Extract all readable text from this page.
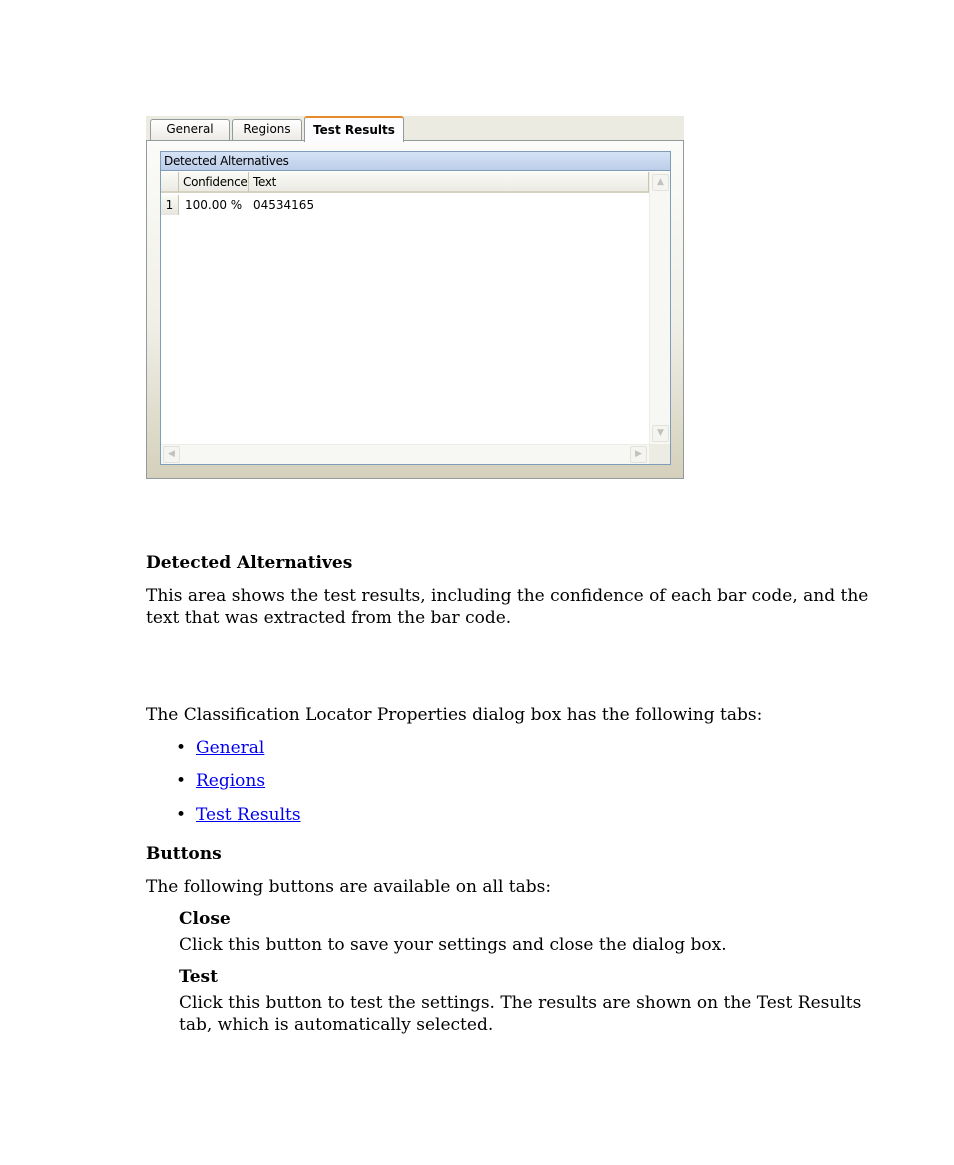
General	Regions	Test Results
Detected Alternatives
Confidence Text
1 100.00 % 04534165
▲
▼
◀	▶
Detected Alternatives
This area shows the test results, including the confidence of each bar code, and the
text that was extracted from the bar code.
The Classification Locator Properties dialog box has the following tabs:
• General
• Regions
• Test Results
Buttons
The following buttons are available on all tabs:
Close
Click this button to save your settings and close the dialog box.
Test
Click this button to test the settings. The results are shown on the Test Results
tab, which is automatically selected.
